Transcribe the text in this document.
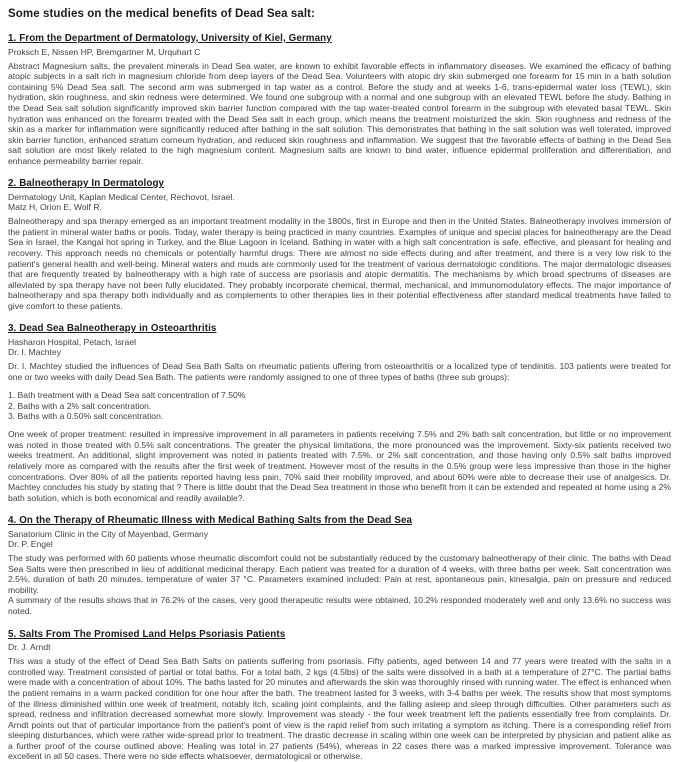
Some studies on the medical benefits of Dead Sea salt:
1. From the Department of Dermatology, University of Kiel, Germany
Proksch E, Nissen HP, Bremgartner M, Urquhart C

Abstract Magnesium salts, the prevalent minerals in Dead Sea water, are known to exhibit favorable effects in inflammatory diseases. We examined the efficacy of bathing atopic subjects in a salt rich in magnesium chloride from deep layers of the Dead Sea. Volunteers with atopic dry skin submerged one forearm for 15 min in a bath solution containing 5% Dead Sea salt. The second arm was submerged in tap water as a control. Before the study and at weeks 1-6, trans-epidermal water loss (TEWL), skin hydration, skin roughness, and skin redness were determined. We found one subgroup with a normal and one subgroup with an elevated TEWL before the study. Bathing in the Dead Sea salt solution significantly improved skin barrier function compared with the tap water-treated control forearm in the subgroup with elevated basal TEWL. Skin hydration was enhanced on the forearm treated with the Dead Sea salt in each group, which means the treatment moisturized the skin. Skin roughness and redness of the skin as a marker for inflammation were significantly reduced after bathing in the salt solution. This demonstrates that bathing in the salt solution was well tolerated, improved skin barrier function, enhanced stratum corneum hydration, and reduced skin roughness and inflammation. We suggest that the favorable effects of bathing in the Dead Sea salt solution are most likely related to the high magnesium content. Magnesium salts are known to bind water, influence epidermal proliferation and differentiation, and enhance permeability barrier repair.

2. Balneotherapy In Dermatology
Dermatology Unit, Kaplan Medical Center, Rechovot, Israel.
Matz H, Orion E, Wolf R.

Balneotherapy and spa therapy emerged as an important treatment modality in the 1800s, first in Europe and then in the United States. Balneotherapy involves immersion of the patient in mineral water baths or pools. Today, water therapy is being practiced in many countries. Examples of unique and special places for balneotherapy are the Dead Sea in Israel, the Kangal hot spring in Turkey, and the Blue Lagoon in Iceland. Bathing in water with a high salt concentration is safe, effective, and pleasant for healing and recovery. This approach needs no chemicals or potentially harmful drugs. There are almost no side effects during and after treatment, and there is a very low risk to the patient's general health and well-being. Mineral waters and muds are commonly used for the treatment of various dermatologic conditions. The major dermatologic diseases that are frequently treated by balneotherapy with a high rate of success are psoriasis and atopic dermatitis. The mechanisms by which broad spectrums of diseases are alleviated by spa therapy have not been fully elucidated. They probably incorporate chemical, thermal, mechanical, and immunomodulatory effects. The major importance of balneotherapy and spa therapy both individually and as complements to other therapies lies in their potential effectiveness after standard medical treatments have failed to give comfort to these patients.

3. Dead Sea Balneotherapy in Osteoarthritis
Hasharon Hospital, Petach, Israel
Dr. I. Machtey

Dr. I. Machtey studied the influences of Dead Sea Bath Salts on rheumatic patients uffering from osteoarthritis or a localized type of tendinitis. 103 patients were treated for one or two weeks with daily Dead Sea Bath. The patients were randomly assigned to one of three types of baths (three sub groups):

1. Bath treatment with a Dead Sea salt concentration of 7.50%
2. Baths with a 2% salt concentration.
3. Baths with a 0.50% salt concentration.

One week of proper treatment: resulted in impressive improvement in all parameters in patients receiving 7.5% and 2% bath salt concentration, but little or no improvement was noted in those treated with 0.5% salt concentrations. The greater the physical limitations, the more pronounced was the improvement. Sixty-six patients received two weeks treatment. An additional, slight improvement was noted in patients treated with 7.5%. or 2% salt concentration, and those having only 0.5% salt baths improved relatively more as compared with the results after the first week of treatment. However most of the results in the 0.5% group were less impressive than those in the higher concentrations. Over 80% of all the patients reported having less pain, 70% said their mobility improved, and about 60% were able to decrease their use of analgesics. Dr. Machtey concludes his study by stating that ? There is little doubt that the Dead Sea treatment in those who benefit from it can be extended and repeated at home using a 2% bath solution, which is both economical and readily available?.

4. On the Therapy of Rheumatic Illness with Medical Bathing Salts from the Dead Sea
Sanatorium Clinic in the City of Mayenbad, Germany
Dr. P. Engel

The study was performed with 60 patients whose rheumatic discomfort could not be substantially reduced by the customary balneotherapy of their clinic. The baths with Dead Sea Salts were then prescribed in lieu of additional medicinal therapy. Each patient was treated for a duration of 4 weeks, with three baths per week. Salt concentration was 2.5%, duration of bath 20 minutes, temperature of water 37 °C. Parameters examined included: Pain at rest, spontaneous pain, kinesalgia, pain on pressure and reduced mobility.

A summary of the results shows that in 76.2% of the cases, very good therapeutic results were obtained, 10.2% responded moderately well and only 13.6% no success was noted.

5. Salts From The Promised Land Helps Psoriasis Patients
Dr. J. Arndt

This was a study of the effect of Dead Sea Bath Salts on patients suffering from psoriasis. Fifty patients, aged between 14 and 77 years were treated with the salts in a controlled way. Treatment consisted of partial or total baths. For a total bath, 2 kgs (4.5lbs) of the salts were dissolved in a bath at a temperature of 27°C. The partial baths were made with a concentration of about 10%. The baths lasted for 20 minutes and afterwards the skin was thoroughly rinsed with running water. The effect is enhanced when the patient remains in a warm packed condition for one hour after the bath. The treatment lasted for 3 weeks, with 3-4 baths per week. The results show that most symptoms of the illness diminished within one week of treatment, notably itch, scaling joint complaints, and the falling asleep and sleep through difficulties. Other parameters such as spread, redness and infiltration decreased somewhat more slowly. Improvement was steady - the four week treatment left the patients essentially free from complaints. Dr. Arndt points out that of particular importance from the patient's point of view is the rapid relief from such irritating a symptom as itching. There is a corresponding relief from sleeping disturbances, which were rather wide-spread prior to treatment. The drastic decrease in scaling within one week can be interpreted by physician and patient alike as a further proof of the course outlined above: Healing was total in 27 patients (54%), whereas in 22 cases there was a marked impressive improvement. Tolerance was excellent in all 50 cases. There were no side effects whatsoever, dermatological or otherwise.
